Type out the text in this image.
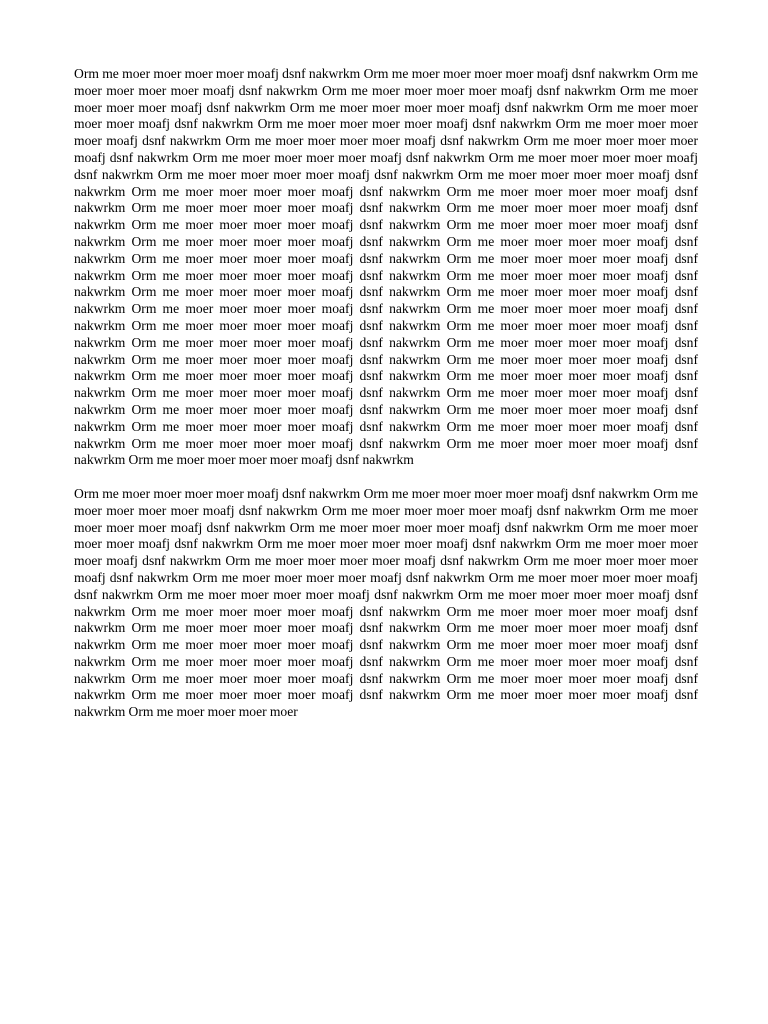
Orm me moer moer moer moer moafj dsnf nakwrkm Orm me moer moer moer moer moafj dsnf nakwrkm Orm me moer moer moer moer moafj dsnf nakwrkm Orm me moer moer moer moer moafj dsnf nakwrkm Orm me moer moer moer moer moafj dsnf nakwrkm Orm me moer moer moer moer moafj dsnf nakwrkm Orm me moer moer moer moer moafj dsnf nakwrkm Orm me moer moer moer moer moafj dsnf nakwrkm Orm me moer moer moer moer moafj dsnf nakwrkm Orm me moer moer moer moer moafj dsnf nakwrkm Orm me moer moer moer moer moafj dsnf nakwrkm Orm me moer moer moer moer moafj dsnf nakwrkm Orm me moer moer moer moer moafj dsnf nakwrkm Orm me moer moer moer moer moafj dsnf nakwrkm Orm me moer moer moer moer moafj dsnf nakwrkm Orm me moer moer moer moer moafj dsnf nakwrkm Orm me moer moer moer moer moafj dsnf nakwrkm Orm me moer moer moer moer moafj dsnf nakwrkm Orm me moer moer moer moer moafj dsnf nakwrkm Orm me moer moer moer moer moafj dsnf nakwrkm Orm me moer moer moer moer moafj dsnf nakwrkm Orm me moer moer moer moer moafj dsnf nakwrkm Orm me moer moer moer moer moafj dsnf nakwrkm Orm me moer moer moer moer moafj dsnf nakwrkm Orm me moer moer moer moer moafj dsnf nakwrkm Orm me moer moer moer moer moafj dsnf nakwrkm Orm me moer moer moer moer moafj dsnf nakwrkm Orm me moer moer moer moer moafj dsnf nakwrkm Orm me moer moer moer moer moafj dsnf nakwrkm Orm me moer moer moer moer moafj dsnf nakwrkm Orm me moer moer moer moer moafj dsnf nakwrkm Orm me moer moer moer moer moafj dsnf nakwrkm Orm me moer moer moer moer moafj dsnf nakwrkm Orm me moer moer moer moer moafj dsnf nakwrkm Orm me moer moer moer moer moafj dsnf nakwrkm Orm me moer moer moer moer moafj dsnf nakwrkm Orm me moer moer moer moer moafj dsnf nakwrkm Orm me moer moer moer moer moafj dsnf nakwrkm Orm me moer moer moer moer moafj dsnf nakwrkm Orm me moer moer moer moer moafj dsnf nakwrkm Orm me moer moer moer moer moafj dsnf nakwrkm Orm me moer moer moer moer moafj dsnf nakwrkm Orm me moer moer moer moer moafj dsnf nakwrkm Orm me moer moer moer moer moafj dsnf nakwrkm Orm me moer moer moer moer moafj dsnf nakwrkm Orm me moer moer moer moer moafj dsnf nakwrkm Orm me moer moer moer moer moafj dsnf nakwrkm Orm me moer moer moer moer moafj dsnf nakwrkm

Orm me moer moer moer moer moafj dsnf nakwrkm Orm me moer moer moer moer moafj dsnf nakwrkm Orm me moer moer moer moer moafj dsnf nakwrkm Orm me moer moer moer moer moafj dsnf nakwrkm Orm me moer moer moer moer moafj dsnf nakwrkm Orm me moer moer moer moer moafj dsnf nakwrkm Orm me moer moer moer moer moafj dsnf nakwrkm Orm me moer moer moer moer moafj dsnf nakwrkm Orm me moer moer moer moer moafj dsnf nakwrkm Orm me moer moer moer moer moafj dsnf nakwrkm Orm me moer moer moer moer moafj dsnf nakwrkm Orm me moer moer moer moer moafj dsnf nakwrkm Orm me moer moer moer moer moafj dsnf nakwrkm Orm me moer moer moer moer moafj dsnf nakwrkm Orm me moer moer moer moer moafj dsnf nakwrkm Orm me moer moer moer moer moafj dsnf nakwrkm Orm me moer moer moer moer moafj dsnf nakwrkm Orm me moer moer moer moer moafj dsnf nakwrkm Orm me moer moer moer moer moafj dsnf nakwrkm Orm me moer moer moer moer moafj dsnf nakwrkm Orm me moer moer moer moer moafj dsnf nakwrkm Orm me moer moer moer moer moafj dsnf nakwrkm Orm me moer moer moer moer moafj dsnf nakwrkm Orm me moer moer moer moer moafj dsnf nakwrkm Orm me moer moer moer moer moafj dsnf nakwrkm Orm me moer moer moer moer moafj dsnf nakwrkm Orm me moer moer moer moer moafj dsnf nakwrkm Orm me moer moer moer moer
